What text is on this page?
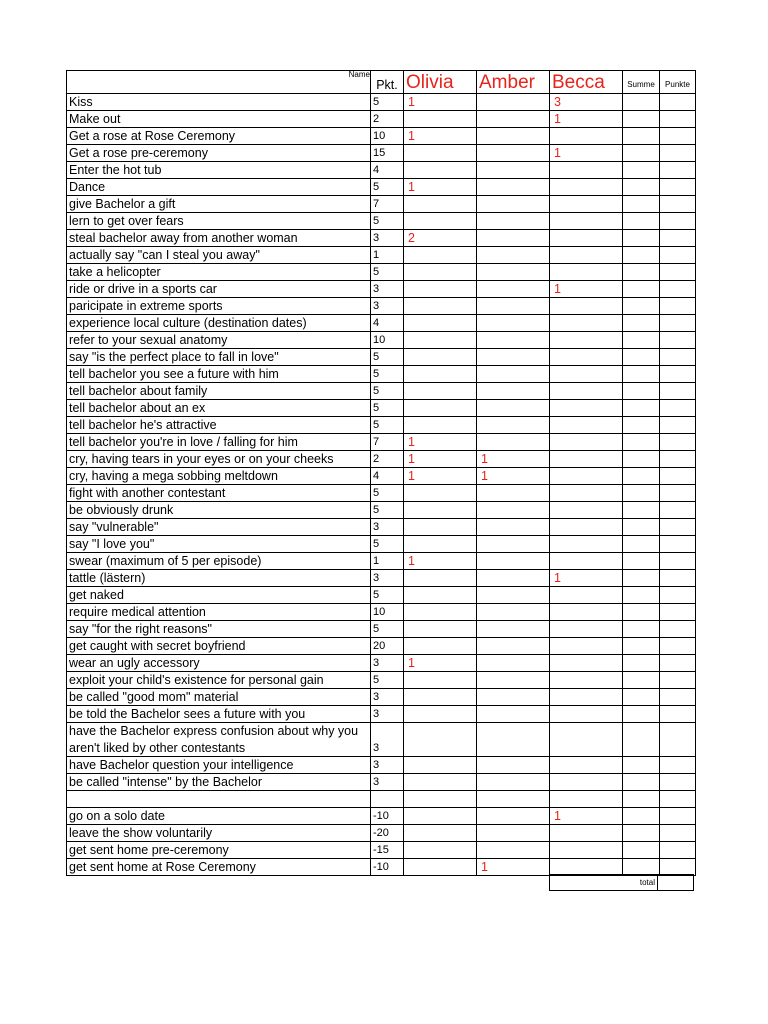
Name	Pkt.	Olivia	Amber	Becca	Summe	Punkte
Kiss	5	1		3		
Make out	2			1		
Get a rose at Rose Ceremony	10	1				
Get a rose pre-ceremony	15			1		
Enter the hot tub	4					
Dance	5	1				
give Bachelor a gift	7					
lern to get over fears	5					
steal bachelor away from another woman	3	2				
actually say "can I steal you away"	1					
take a helicopter	5					
ride or drive in a sports car	3			1		
paricipate in extreme sports	3					
experience local culture (destination dates)	4					
refer to your sexual anatomy	10					
say "is the perfect place to fall in love"	5					
tell bachelor you see a future with him	5					
tell bachelor about family	5					
tell bachelor about an ex	5					
tell bachelor he's attractive	5					
tell bachelor you're in love / falling for him	7	1				
cry, having tears in your eyes or on your cheeks	2	1	1			
cry, having a mega sobbing meltdown	4	1	1			
fight with another contestant	5					
be obviously drunk	5					
say "vulnerable"	3					
say "I love you"	5					
swear (maximum of 5 per episode)	1	1				
tattle (lästern)	3			1		
get naked	5					
require medical attention	10					
say "for the right reasons"	5					
get caught with secret boyfriend	20					
wear an ugly accessory	3	1				
exploit your child's existence for personal gain	5					
be called "good mom" material	3					
be told the Bachelor sees a future with you	3					
have the Bachelor express confusion about why you aren't liked by other contestants	3					
have Bachelor question your intelligence	3					
be called "intense" by the Bachelor	3					

go on a solo date	-10			1		
leave the show voluntarily	-20					
get sent home pre-ceremony	-15					
get sent home at Rose Ceremony	-10		1			
total	
